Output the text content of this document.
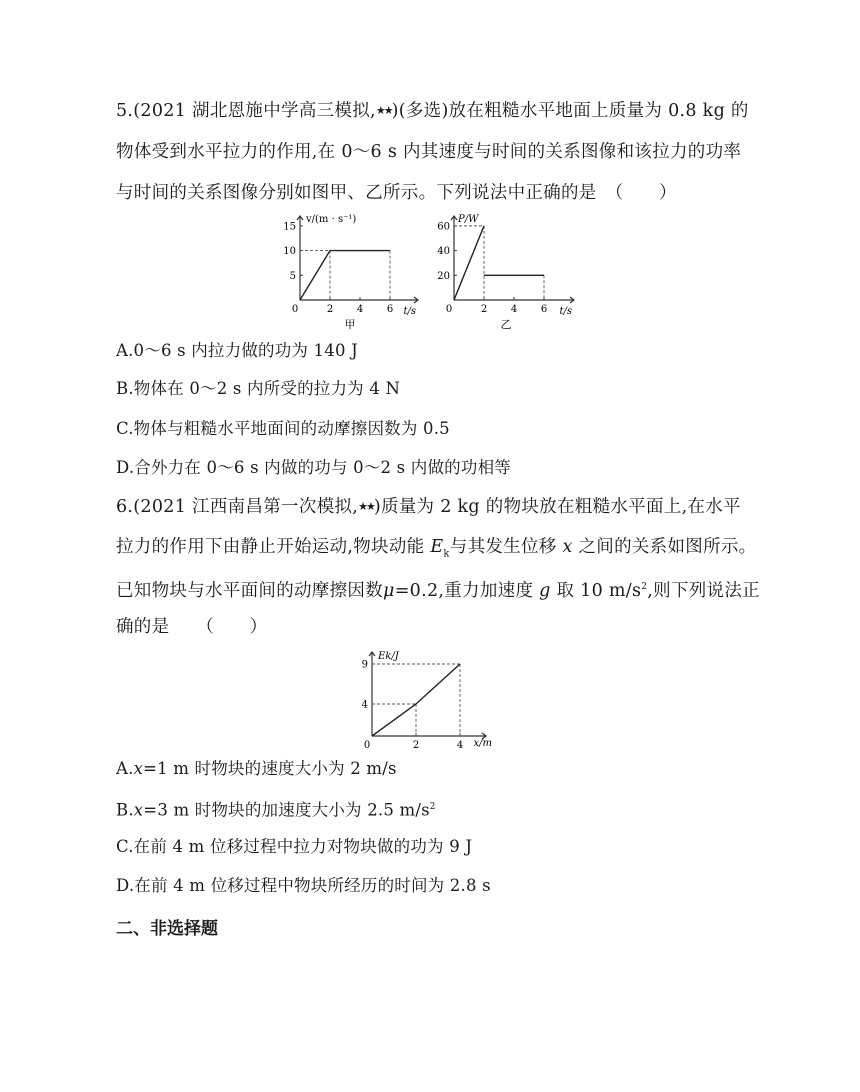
5.(2021 湖北恩施中学高三模拟,★★)(多选)放在粗糙水平地面上质量为 0.8 kg 的
物体受到水平拉力的作用,在 0～6 s 内其速度与时间的关系图像和该拉力的功率
与时间的关系图像分别如图甲、乙所示。下列说法中正确的是　（　　）
5
10
15
0	2 4 6
v/(m · s⁻¹)
t/s
甲
20
40
60
0	2 4 6
P/W
t/s
乙
A.0～6 s 内拉力做的功为 140 J
B.物体在 0～2 s 内所受的拉力为 4 N
C.物体与粗糙水平地面间的动摩擦因数为 0.5
D.合外力在 0～6 s 内做的功与 0～2 s 内做的功相等
6.(2021 江西南昌第一次模拟,★★)质量为 2 kg 的物块放在粗糙水平面上,在水平
拉力的作用下由静止开始运动,物块动能 $E_k$与其发生位移 x 之间的关系如图所示。
已知物块与水平面间的动摩擦因数μ=0.2,重力加速度 g 取 10 $m/s^2$,则下列说法正
确的是　　（　　）
4
9
0	2	4
Ek/J
x/m
A.x=1 m 时物块的速度大小为 2 m/s
B.x=3 m 时物块的加速度大小为 2.5 $m/s^2$
C.在前 4 m 位移过程中拉力对物块做的功为 9 J
D.在前 4 m 位移过程中物块所经历的时间为 2.8 s
二、非选择题
